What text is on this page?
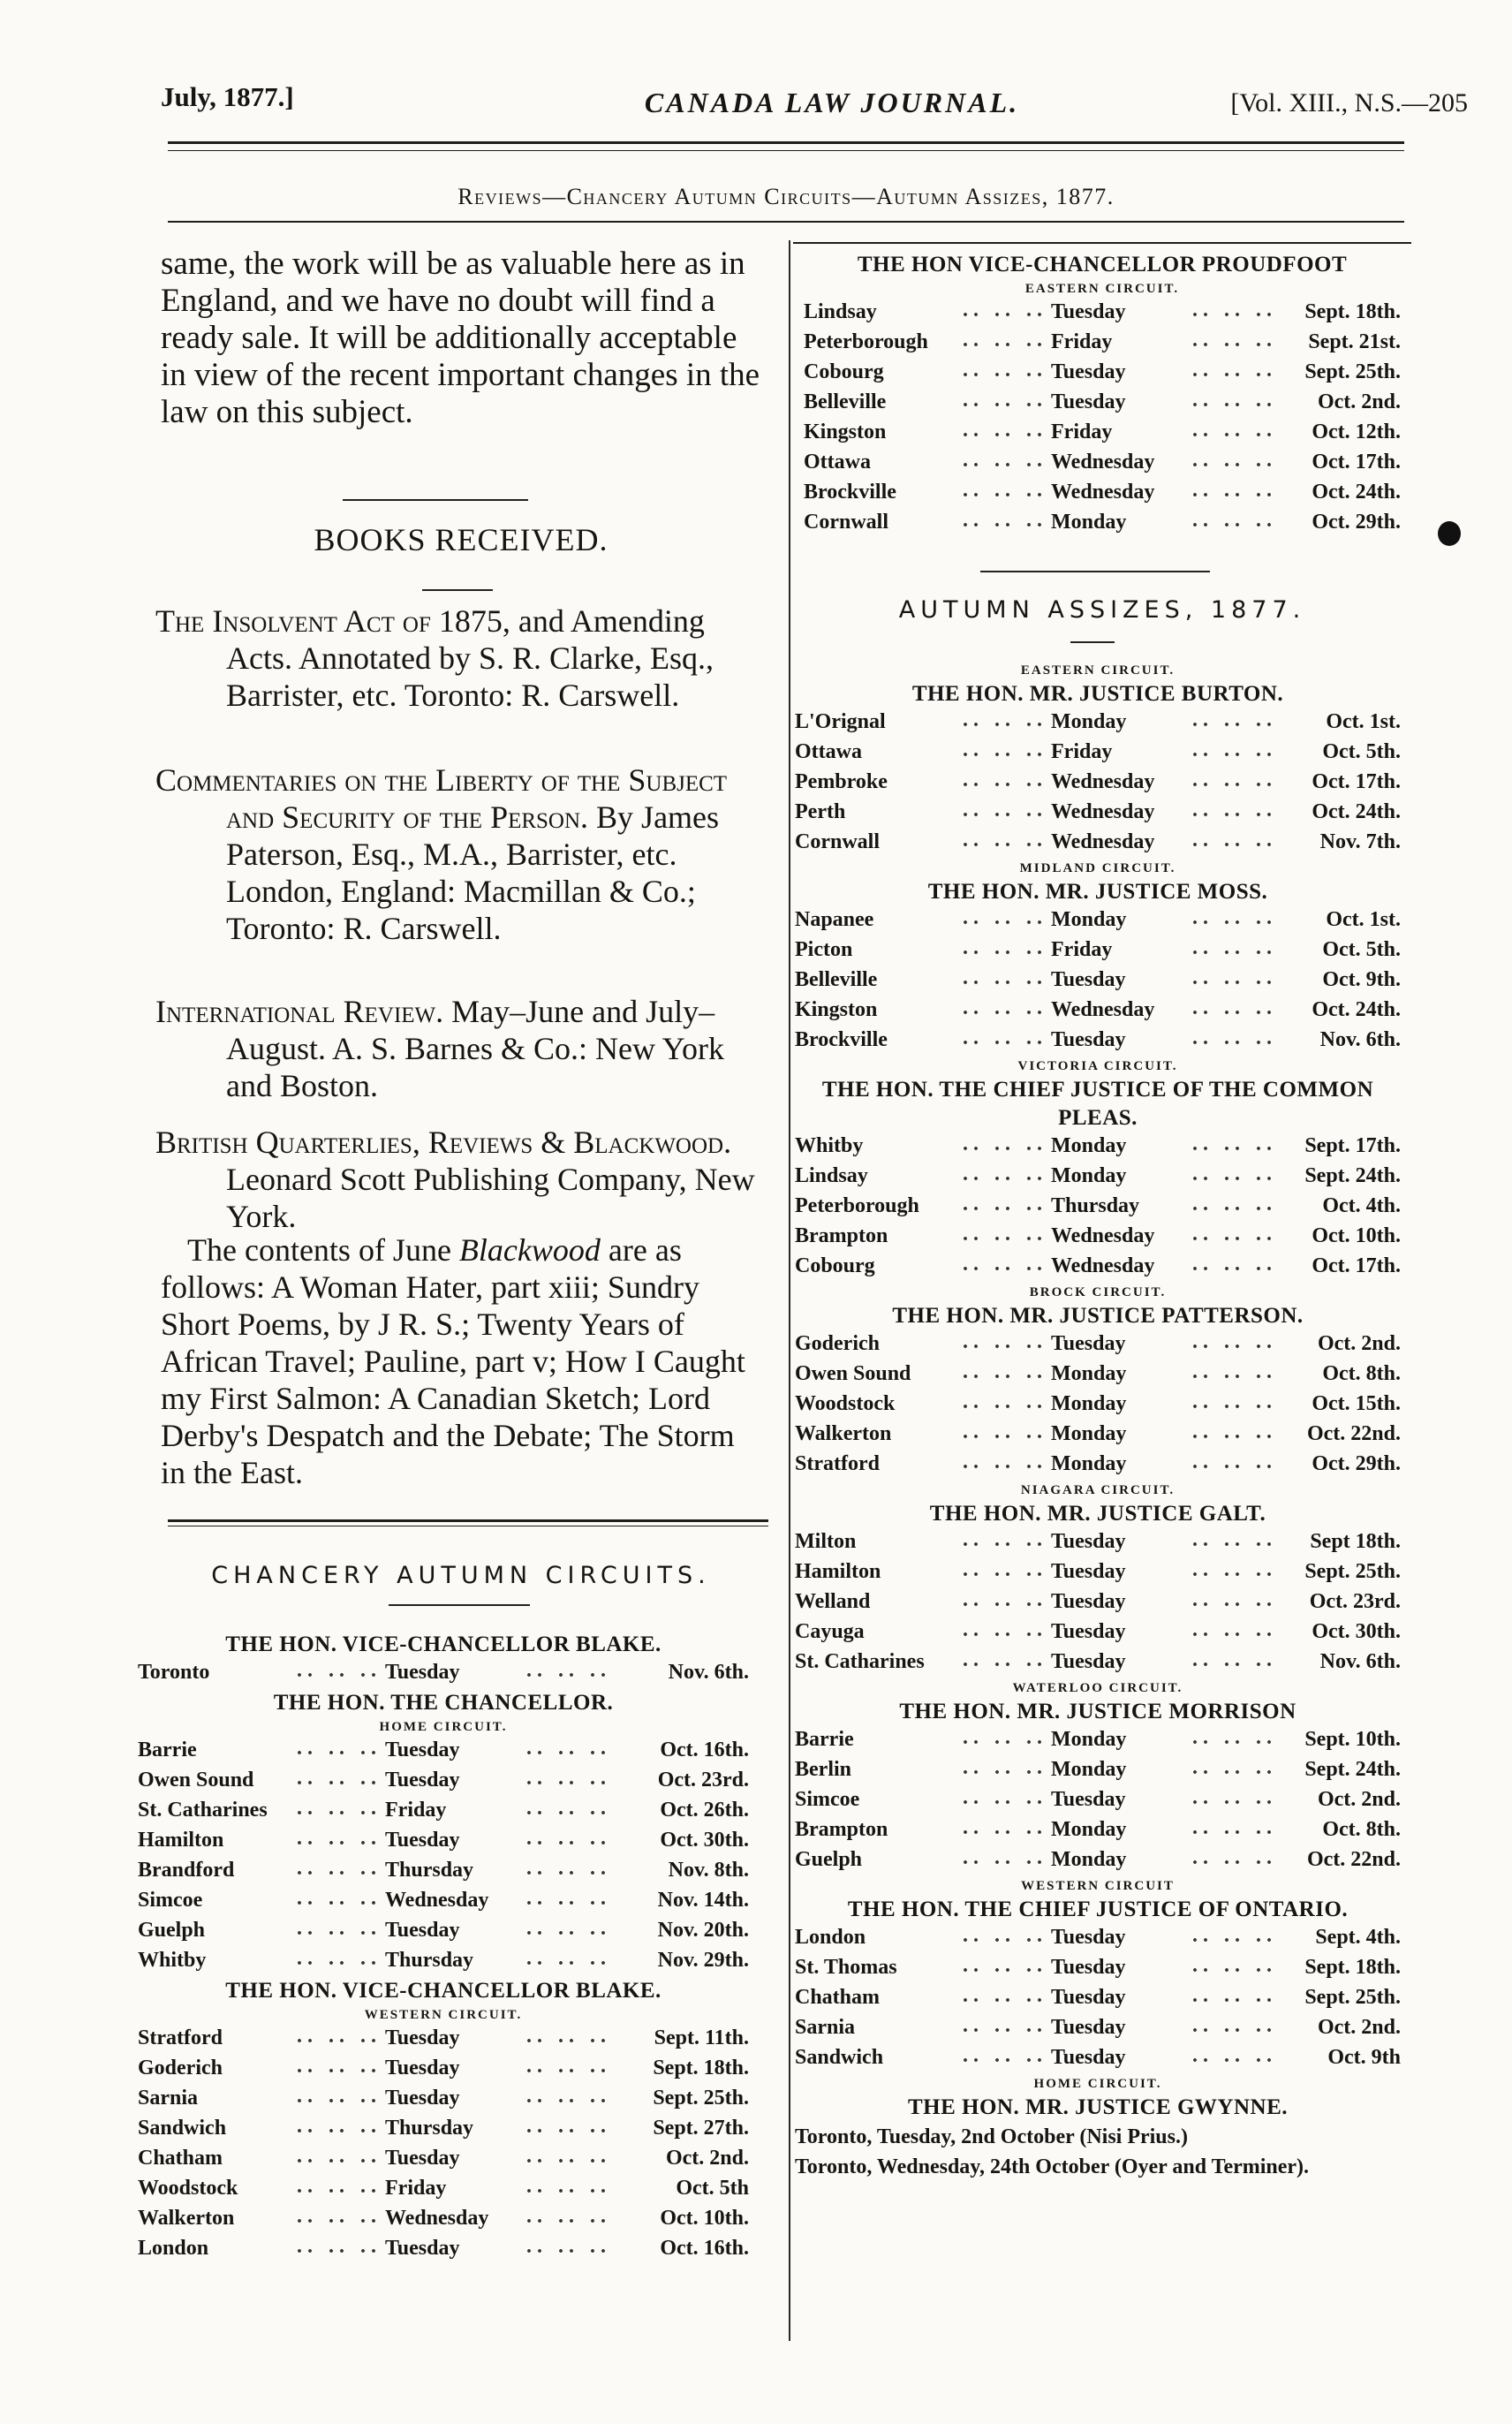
July, 1877.]	CANADA LAW JOURNAL.	[Vol. XIII., N.S.—205
Reviews—Chancery Autumn Circuits—Autumn Assizes, 1877.
same, the work will be as valuable here as in England, and we have no doubt will find a ready sale. It will be additionally acceptable in view of the recent important changes in the law on this subject.
BOOKS RECEIVED.
The Insolvent Act of 1875, and Amending Acts. Annotated by S. R. Clarke, Esq., Barrister, etc. Toronto: R. Carswell.
Commentaries on the Liberty of the Subject and Security of the Person. By James Paterson, Esq., M.A., Barrister, etc. London, England: Macmillan & Co.; Toronto: R. Carswell.
International Review. May–June and July–August. A. S. Barnes & Co.: New York and Boston.
British Quarterlies, Reviews & Blackwood. Leonard Scott Publishing Company, New York.
The contents of June Blackwood are as follows: A Woman Hater, part xiii; Sundry Short Poems, by J R. S.; Twenty Years of African Travel; Pauline, part v; How I Caught my First Salmon: A Canadian Sketch; Lord Derby's Despatch and the Debate; The Storm in the East.
CHANCERY AUTUMN CIRCUITS.
THE HON. VICE-CHANCELLOR BLAKE.
Toronto	.. .. .. Tuesday	.. .. ..	Nov. 6th.
THE HON. THE CHANCELLOR.
HOME CIRCUIT.
Barrie	.. .. .. Tuesday	.. .. .. Oct. 16th.
Owen Sound .. .. .. Tuesday	.. .. .. Oct. 23rd.
St. Catharines .. .. .. Friday	.. .. .. Oct. 26th.
Hamilton	.. .. .. Tuesday	.. .. .. Oct. 30th.
Brandford	.. .. .. Thursday .. .. ..	Nov. 8th.
Simcoe	.. .. .. Wednesday .. .. .. Nov. 14th.
Guelph	.. .. .. Tuesday	.. .. .. Nov. 20th.
Whitby	.. .. .. Thursday .. .. .. Nov. 29th.
THE HON. VICE-CHANCELLOR BLAKE.
WESTERN CIRCUIT.
Stratford	.. .. .. Tuesday	.. .. .. Sept. 11th.
Goderich	.. .. .. Tuesday	.. .. .. Sept. 18th.
Sarnia	.. .. .. Tuesday	.. .. .. Sept. 25th.
Sandwich	.. .. .. Thursday .. .. .. Sept. 27th.
Chatham	.. .. .. Tuesday	.. .. ..	Oct. 2nd.
Woodstock	.. .. .. Friday	.. .. ..	Oct. 5th
Walkerton	.. .. .. Wednesday .. .. .. Oct. 10th.
London	.. .. .. Tuesday	.. .. .. Oct. 16th.
THE HON VICE-CHANCELLOR PROUDFOOT
EASTERN CIRCUIT.
Lindsay	.. .. .. Tuesday	.. .. .. Sept. 18th.
Peterborough .. .. .. Friday	.. .. .. Sept. 21st.
Cobourg	.. .. .. Tuesday	.. .. .. Sept. 25th.
Belleville	.. .. .. Tuesday	.. .. .. Oct. 2nd.
Kingston	.. .. .. Friday	.. .. .. Oct. 12th.
Ottawa	.. .. .. Wednesday .. .. .. Oct. 17th.
Brockville	.. .. .. Wednesday .. .. .. Oct. 24th.
Cornwall	.. .. .. Monday	.. .. .. Oct. 29th.
AUTUMN ASSIZES, 1877.
EASTERN CIRCUIT.
THE HON. MR. JUSTICE BURTON.
L'Orignal	.. .. .. Monday	.. .. .. Oct. 1st.
Ottawa	.. .. .. Friday	.. .. .. Oct. 5th.
Pembroke	.. .. .. Wednesday .. .. .. Oct. 17th.
Perth	.. .. .. Wednesday .. .. .. Oct. 24th.
Cornwall	.. .. .. Wednesday .. .. .. Nov. 7th.
MIDLAND CIRCUIT.
THE HON. MR. JUSTICE MOSS.
Napanee	.. .. .. Monday	.. .. .. Oct. 1st.
Picton	.. .. .. Friday	.. .. .. Oct. 5th.
Belleville	.. .. .. Tuesday	.. .. .. Oct. 9th.
Kingston	.. .. .. Wednesday .. .. .. Oct. 24th.
Brockville	.. .. .. Tuesday	.. .. .. Nov. 6th.
VICTORIA CIRCUIT.
THE HON. THE CHIEF JUSTICE OF THE COMMON PLEAS.
Whitby	.. .. .. Monday	.. .. .. Sept. 17th.
Lindsay	.. .. .. Monday	.. .. .. Sept. 24th.
Peterborough .. .. .. Thursday .. .. .. Oct. 4th.
Brampton	.. .. .. Wednesday .. .. .. Oct. 10th.
Cobourg	.. .. .. Wednesday .. .. .. Oct. 17th.
BROCK CIRCUIT.
THE HON. MR. JUSTICE PATTERSON.
Goderich	.. .. .. Tuesday	.. .. .. Oct. 2nd.
Owen Sound .. .. .. Monday	.. .. .. Oct. 8th.
Woodstock	.. .. .. Monday	.. .. .. Oct. 15th.
Walkerton	.. .. .. Monday	.. .. .. Oct. 22nd.
Stratford	.. .. .. Monday	.. .. .. Oct. 29th.
NIAGARA CIRCUIT.
THE HON. MR. JUSTICE GALT.
Milton	.. .. .. Tuesday	.. .. .. Sept 18th.
Hamilton	.. .. .. Tuesday	.. .. .. Sept. 25th.
Welland	.. .. .. Tuesday	.. .. .. Oct. 23rd.
Cayuga	.. .. .. Tuesday	.. .. .. Oct. 30th.
St. Catharines .. .. .. Tuesday	.. .. .. Nov. 6th.
WATERLOO CIRCUIT.
THE HON. MR. JUSTICE MORRISON
Barrie	.. .. .. Monday	.. .. .. Sept. 10th.
Berlin	.. .. .. Monday	.. .. .. Sept. 24th.
Simcoe	.. .. .. Tuesday	.. .. .. Oct. 2nd.
Brampton	.. .. .. Monday	.. .. .. Oct. 8th.
Guelph	.. .. .. Monday	.. .. .. Oct. 22nd.
WESTERN CIRCUIT
THE HON. THE CHIEF JUSTICE OF ONTARIO.
London	.. .. .. Tuesday	.. .. .. Sept. 4th.
St. Thomas	.. .. .. Tuesday	.. .. .. Sept. 18th.
Chatham	.. .. .. Tuesday	.. .. .. Sept. 25th.
Sarnia	.. .. .. Tuesday	.. .. .. Oct. 2nd.
Sandwich	.. .. .. Tuesday	.. .. .. Oct. 9th
HOME CIRCUIT.
THE HON. MR. JUSTICE GWYNNE.
Toronto, Tuesday, 2nd October (Nisi Prius.)
Toronto, Wednesday, 24th October (Oyer and Terminer).
